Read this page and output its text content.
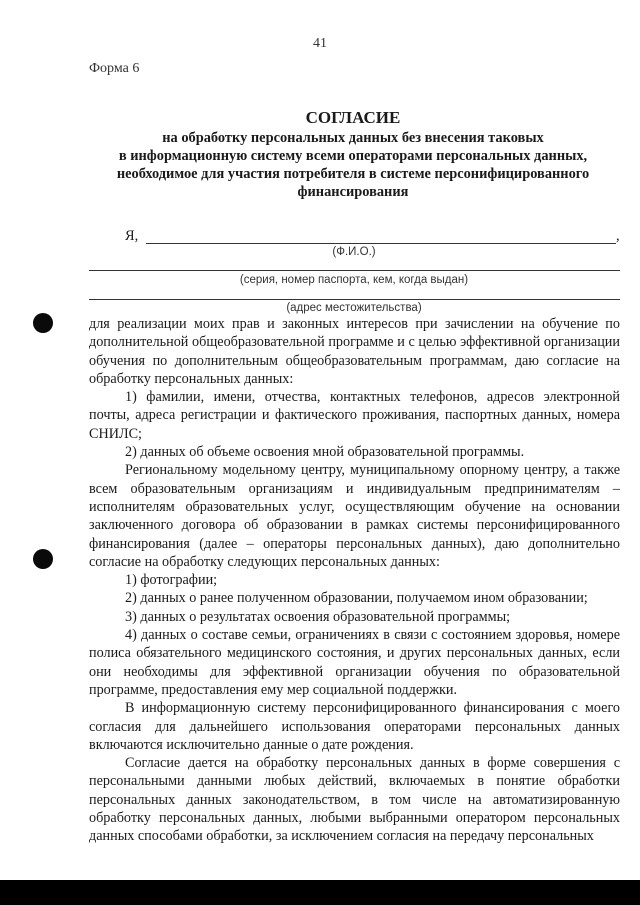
41
Форма 6
СОГЛАСИЕ
на обработку персональных данных без внесения таковых
в информационную систему всеми операторами персональных данных,
необходимое для участия потребителя в системе персонифицированного
финансирования
Я,	,
(Ф.И.О.)
(серия, номер паспорта, кем, когда выдан)
(адрес местожительства)

для реализации моих прав и законных интересов при зачислении на обучение по дополнительной общеобразовательной программе и с целью эффективной организации обучения по дополнительным общеобразовательным программам, даю согласие на обработку персональных данных:

1) фамилии, имени, отчества, контактных телефонов, адресов электронной почты, адреса регистрации и фактического проживания, паспортных данных, номера СНИЛС;

2) данных об объеме освоения мной образовательной программы.

Региональному модельному центру, муниципальному опорному центру, а также всем образовательным организациям и индивидуальным предпринимателям – исполнителям образовательных услуг, осуществляющим обучение на основании заключенного договора об образовании в рамках системы персонифицированного финансирования (далее – операторы персональных данных), даю дополнительно согласие на обработку следующих персональных данных:

1) фотографии;

2) данных о ранее полученном образовании, получаемом ином образовании;

3) данных о результатах освоения образовательной программы;

4) данных о составе семьи, ограничениях в связи с состоянием здоровья, номере полиса обязательного медицинского состояния, и других персональных данных, если они необходимы для эффективной организации обучения по образовательной программе, предоставления ему мер социальной поддержки.

В информационную систему персонифицированного финансирования с моего согласия для дальнейшего использования операторами персональных данных включаются исключительно данные о дате рождения.

Согласие дается на обработку персональных данных в форме совершения с персональными данными любых действий, включаемых в понятие обработки персональных данных законодательством, в том числе на автоматизированную обработку персональных данных, любыми выбранными оператором персональных данных способами обработки, за исключением согласия на передачу персональных
